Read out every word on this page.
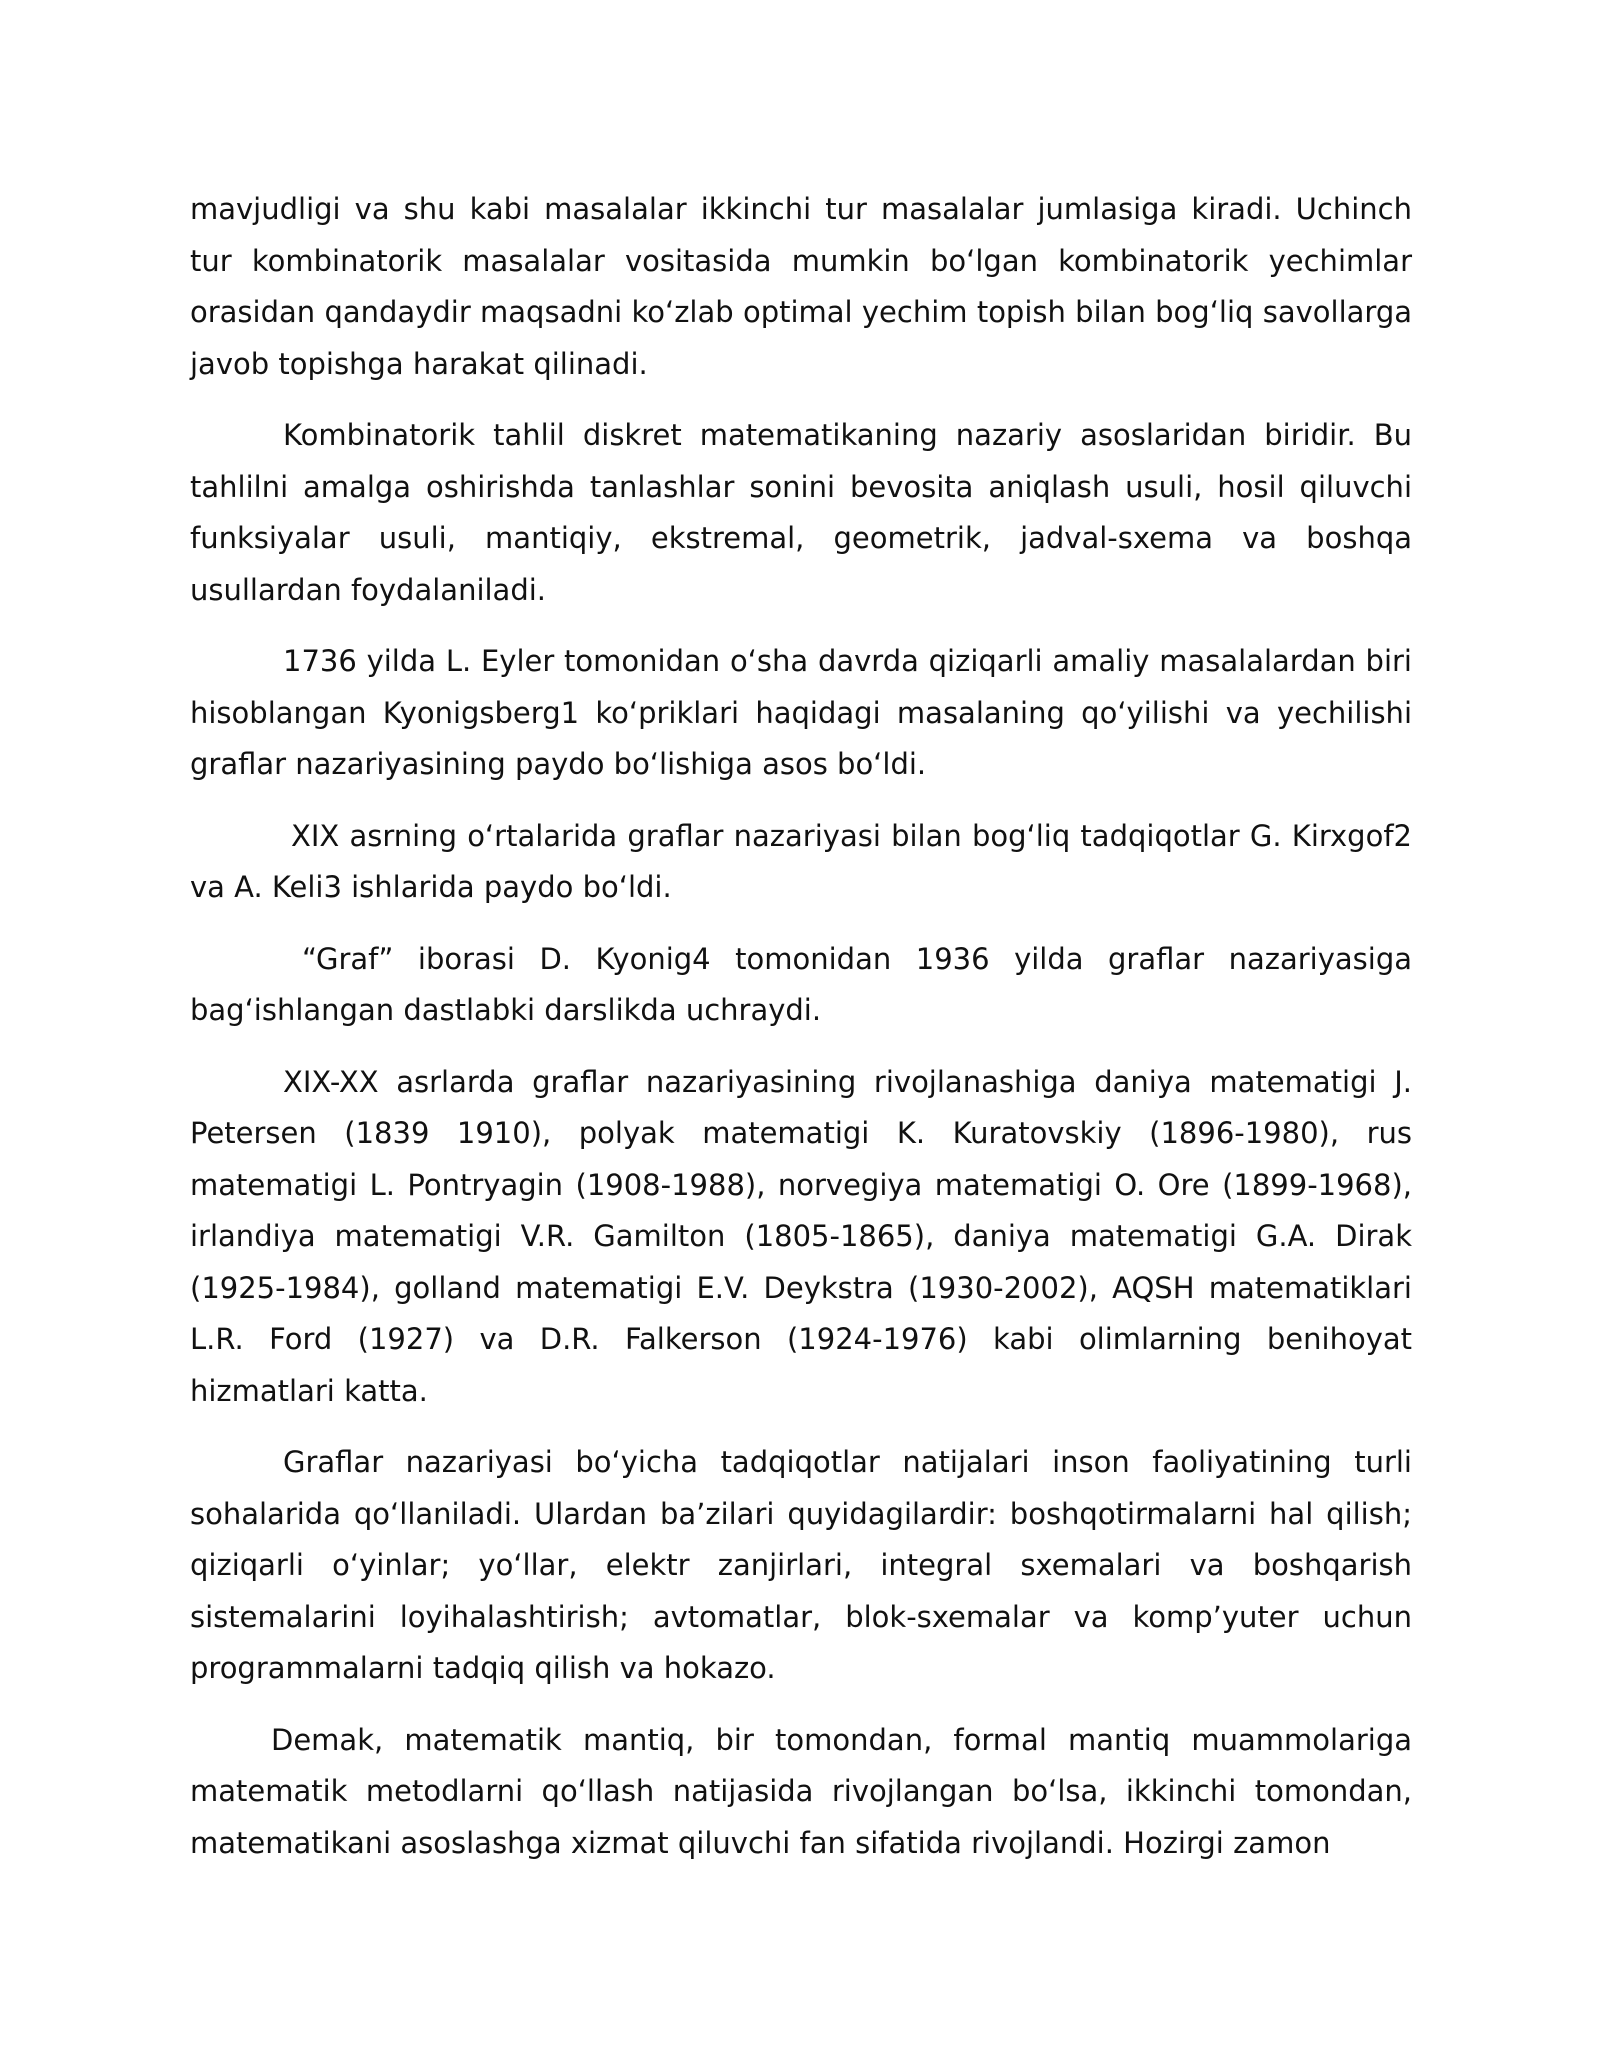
mavjudligi va shu kabi masalalar ikkinchi tur masalalar jumlasiga kiradi. Uchinch tur kombinatorik masalalar vositasida mumkin bo‘lgan kombinatorik yechimlar orasidan qandaydir maqsadni ko‘zlab optimal yechim topish bilan bog‘liq savollarga javob topishga harakat qilinadi.

Kombinatorik tahlil diskret matematikaning nazariy asoslaridan biridir. Bu tahlilni amalga oshirishda tanlashlar sonini bevosita aniqlash usuli, hosil qiluvchi funksiyalar usuli, mantiqiy, ekstremal, geometrik, jadval-sxema va boshqa usullardan foydalaniladi.

1736 yilda L. Eyler tomonidan o‘sha davrda qiziqarli amaliy masalalardan biri hisoblangan Kyonigsberg1 ko‘priklari haqidagi masalaning qo‘yilishi va yechilishi graflar nazariyasining paydo bo‘lishiga asos bo‘ldi.

XIX asrning o‘rtalarida graflar nazariyasi bilan bog‘liq tadqiqotlar G. Kirxgof2 va A. Keli3 ishlarida paydo bo‘ldi.

“Graf” iborasi D. Kyonig4 tomonidan 1936 yilda graflar nazariyasiga bag‘ishlangan dastlabki darslikda uchraydi.

XIX-XX asrlarda graflar nazariyasining rivojlanashiga daniya matematigi J. Petersen (1839 1910), polyak matematigi K. Kuratovskiy (1896-1980), rus matematigi L. Pontryagin (1908-1988), norvegiya matematigi O. Ore (1899-1968), irlandiya matematigi V.R. Gamilton (1805-1865), daniya matematigi G.A. Dirak (1925-1984), golland matematigi E.V. Deykstra (1930-2002), AQSH matematiklari L.R. Ford (1927) va D.R. Falkerson (1924-1976) kabi olimlarning benihoyat hizmatlari katta.

Graflar nazariyasi bo‘yicha tadqiqotlar natijalari inson faoliyatining turli sohalarida qo‘llaniladi. Ulardan ba’zilari quyidagilardir: boshqotirmalarni hal qilish; qiziqarli o‘yinlar; yo‘llar, elektr zanjirlari, integral sxemalari va boshqarish sistemalarini loyihalashtirish; avtomatlar, blok-sxemalar va komp’yuter uchun programmalarni tadqiq qilish va hokazo.

Demak, matematik mantiq, bir tomondan, formal mantiq muammolariga matematik metodlarni qo‘llash natijasida rivojlangan bo‘lsa, ikkinchi tomondan, matematikani asoslashga xizmat qiluvchi fan sifatida rivojlandi. Hozirgi zamon
